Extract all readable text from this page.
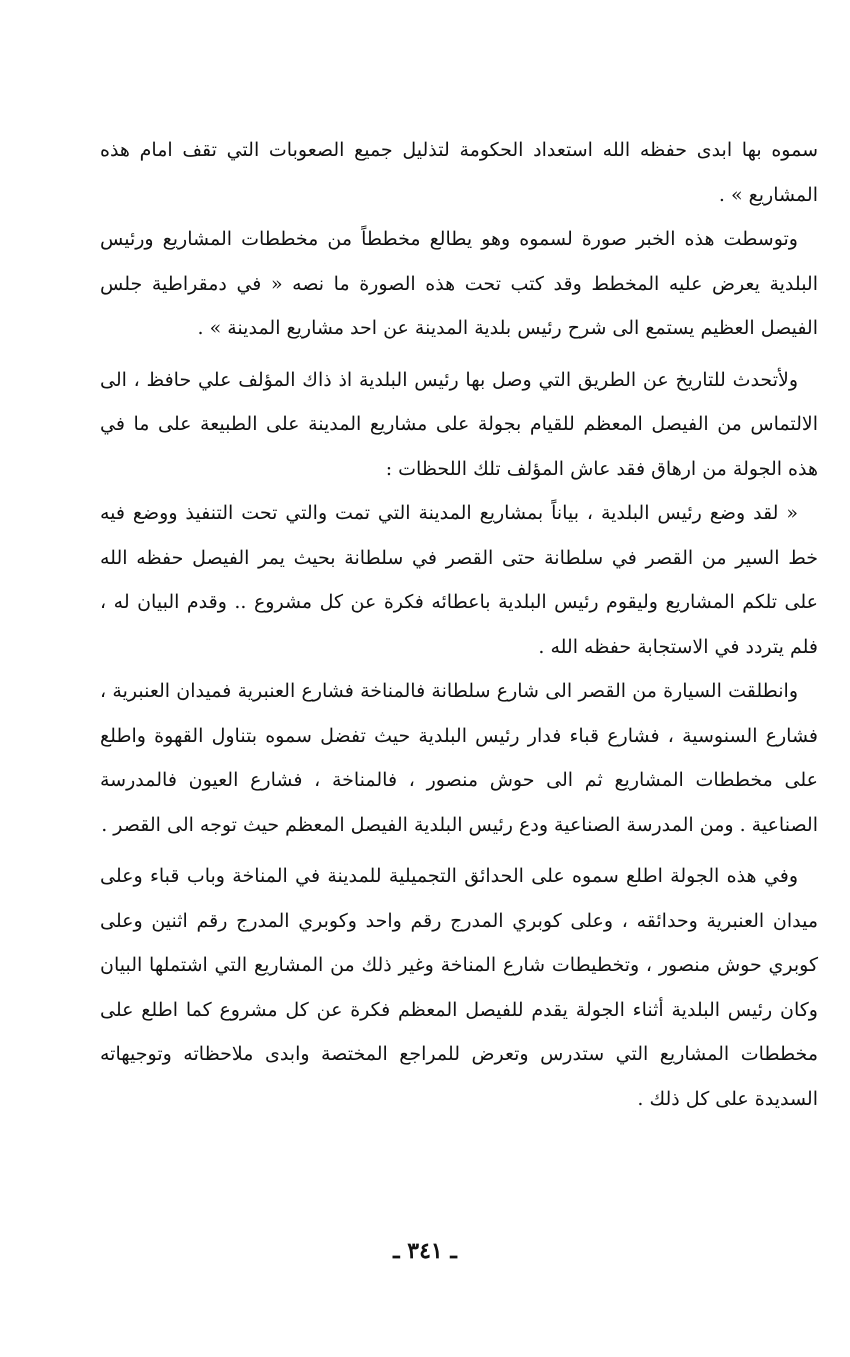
سموه بها ابدى حفظه الله استعداد الحكومة لتذليل جميع الصعوبات التي تقف امام هذه المشاريع » .

وتوسطت هذه الخبر صورة لسموه وهو يطالع مخططاً من مخططات المشاريع ورئيس البلدية يعرض عليه المخطط وقد كتب تحت هذه الصورة ما نصه « في دمقراطية جلس الفيصل العظيم يستمع الى شرح رئيس بلدية المدينة عن احد مشاريع المدينة » .

ولأتحدث للتاريخ عن الطريق التي وصل بها رئيس البلدية اذ ذاك المؤلف علي حافظ ، الى الالتماس من الفيصل المعظم للقيام بجولة على مشاريع المدينة على الطبيعة على ما في هذه الجولة من ارهاق فقد عاش المؤلف تلك اللحظات :

« لقد وضع رئيس البلدية ، بياناً بمشاريع المدينة التي تمت والتي تحت التنفيذ ووضع فيه خط السير من القصر في سلطانة حتى القصر في سلطانة بحيث يمر الفيصل حفظه الله على تلكم المشاريع وليقوم رئيس البلدية باعطائه فكرة عن كل مشروع .. وقدم البيان له ، فلم يتردد في الاستجابة حفظه الله .

وانطلقت السيارة من القصر الى شارع سلطانة فالمناخة فشارع العنبرية فميدان العنبرية ، فشارع السنوسية ، فشارع قباء فدار رئيس البلدية حيث تفضل سموه بتناول القهوة واطلع على مخططات المشاريع ثم الى حوش منصور ، فالمناخة ، فشارع العيون فالمدرسة الصناعية . ومن المدرسة الصناعية ودع رئيس البلدية الفيصل المعظم حيث توجه الى القصر .

وفي هذه الجولة اطلع سموه على الحدائق التجميلية للمدينة في المناخة وباب قباء وعلى ميدان العنبرية وحدائقه ، وعلى كوبري المدرج رقم واحد وكوبري المدرج رقم اثنين وعلى كوبري حوش منصور ، وتخطيطات شارع المناخة وغير ذلك من المشاريع التي اشتملها البيان وكان رئيس البلدية أثناء الجولة يقدم للفيصل المعظم فكرة عن كل مشروع كما اطلع على مخططات المشاريع التي ستدرس وتعرض للمراجع المختصة وابدى ملاحظاته وتوجيهاته السديدة على كل ذلك .

ـ ٣٤١ ـ
